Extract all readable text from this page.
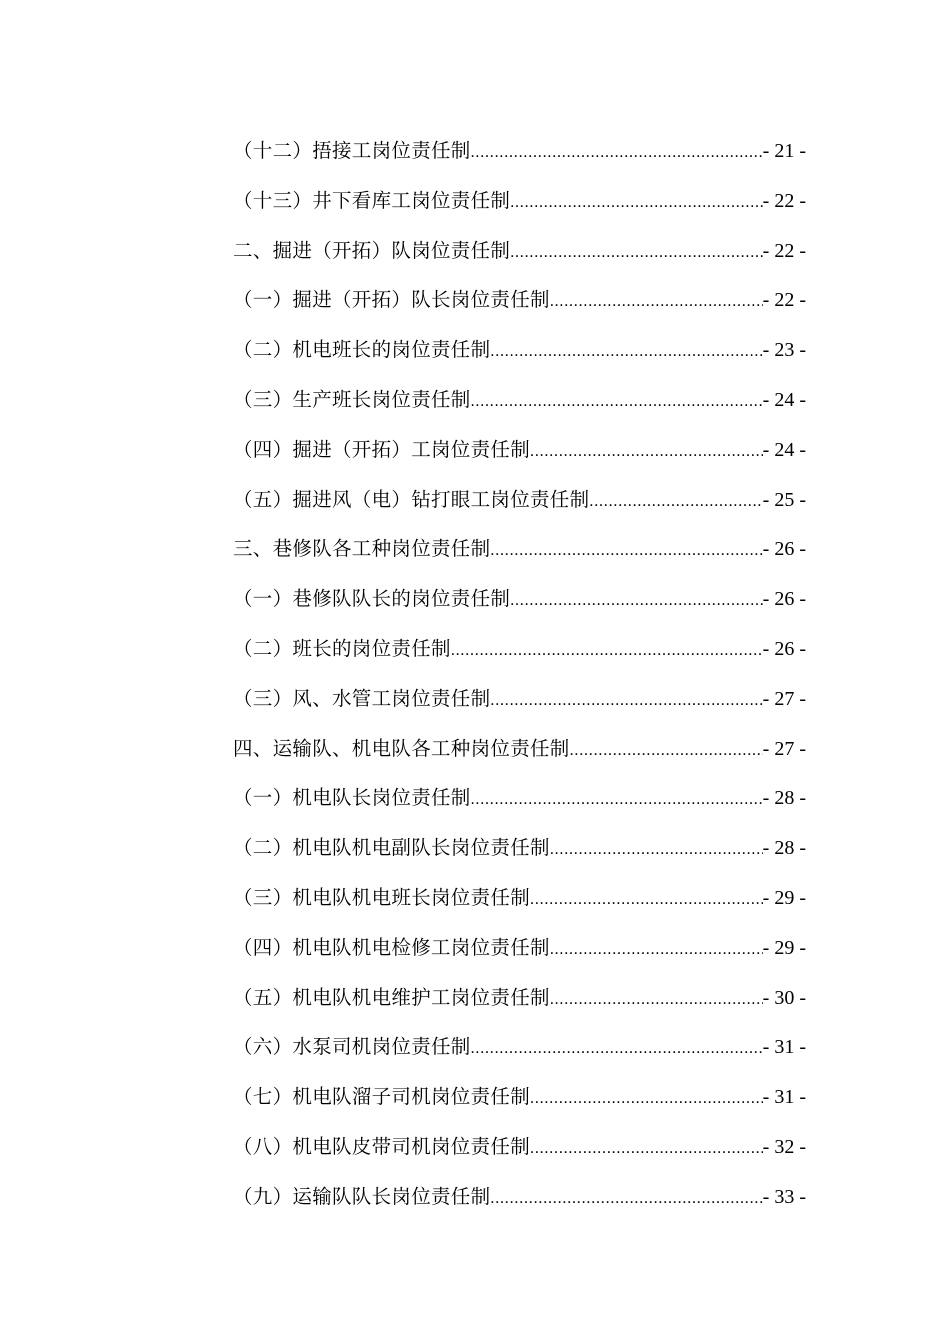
（十二）捂接工岗位责任制 .....	- 21 -
（十三）井下看库工岗位责任制 .....	- 22 -
二、掘进（开拓）队岗位责任制 .....	- 22 -
（一）掘进（开拓）队长岗位责任制 .....	- 22 -
（二）机电班长的岗位责任制 .....	- 23 -
（三）生产班长岗位责任制 .....	- 24 -
（四）掘进（开拓）工岗位责任制 .....	- 24 -
（五）掘进风（电）钻打眼工岗位责任制 .....	- 25 -
三、巷修队各工种岗位责任制 .....	- 26 -
（一）巷修队队长的岗位责任制 .....	- 26 -
（二）班长的岗位责任制 .....	- 26 -
（三）风、水管工岗位责任制 .....	- 27 -
四、运输队、机电队各工种岗位责任制 .....	- 27 -
（一）机电队长岗位责任制 .....	- 28 -
（二）机电队机电副队长岗位责任制 .....	- 28 -
（三）机电队机电班长岗位责任制 .....	- 29 -
（四）机电队机电检修工岗位责任制 .....	- 29 -
（五）机电队机电维护工岗位责任制 .....	- 30 -
（六）水泵司机岗位责任制 .....	- 31 -
（七）机电队溜子司机岗位责任制 .....	- 31 -
（八）机电队皮带司机岗位责任制 .....	- 32 -
（九）运输队队长岗位责任制 .....	- 33 -
